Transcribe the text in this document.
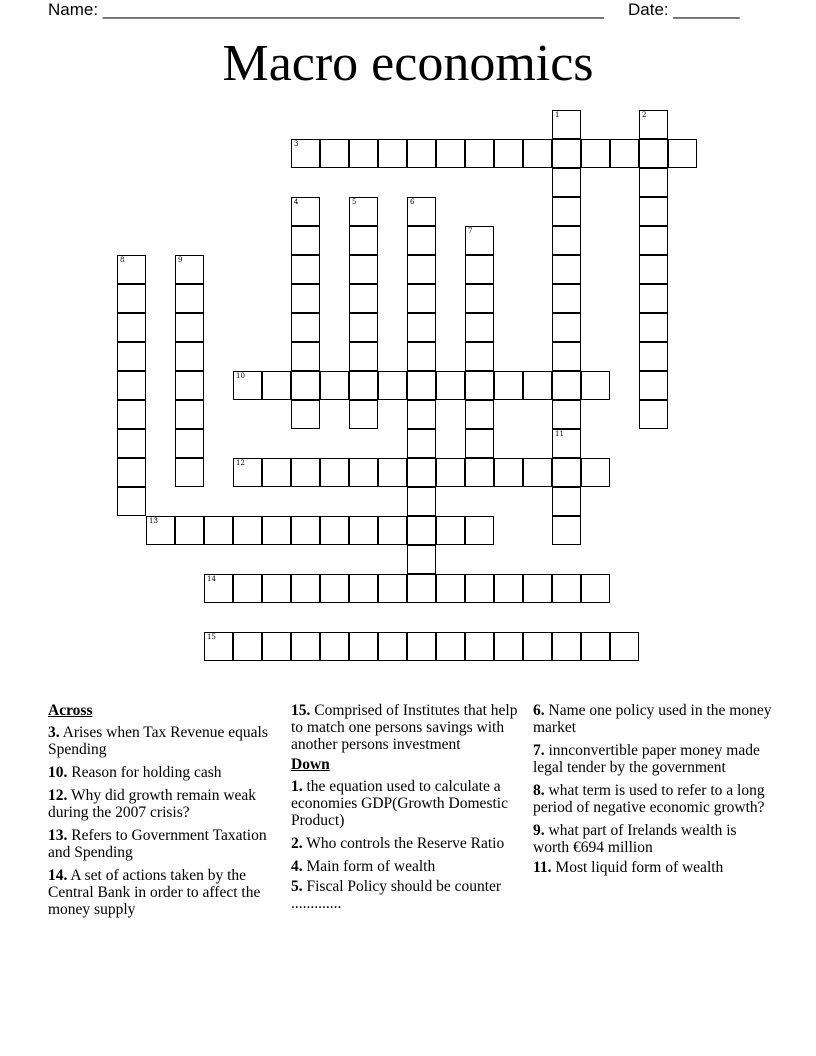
Name: _____________________________________________________ Date: _______
Macro economics
1
11
2
3
4	5	6
7
8	9
10
12
13
14
15
Across
3. Arises when Tax Revenue equals Spending
10. Reason for holding cash
12. Why did growth remain weak during the 2007 crisis?
13. Refers to Government Taxation and Spending
14. A set of actions taken by the Central Bank in order to affect the money supply
15. Comprised of Institutes that help to match one persons savings with another persons investment
Down
1. the equation used to calculate a economies GDP(Growth Domestic Product)
2. Who controls the Reserve Ratio
4. Main form of wealth
5. Fiscal Policy should be counter .............
6. Name one policy used in the money market
7. innconvertible paper money made legal tender by the government
8. what term is used to refer to a long period of negative economic growth?
9. what part of Irelands wealth is worth €694 million
11. Most liquid form of wealth
